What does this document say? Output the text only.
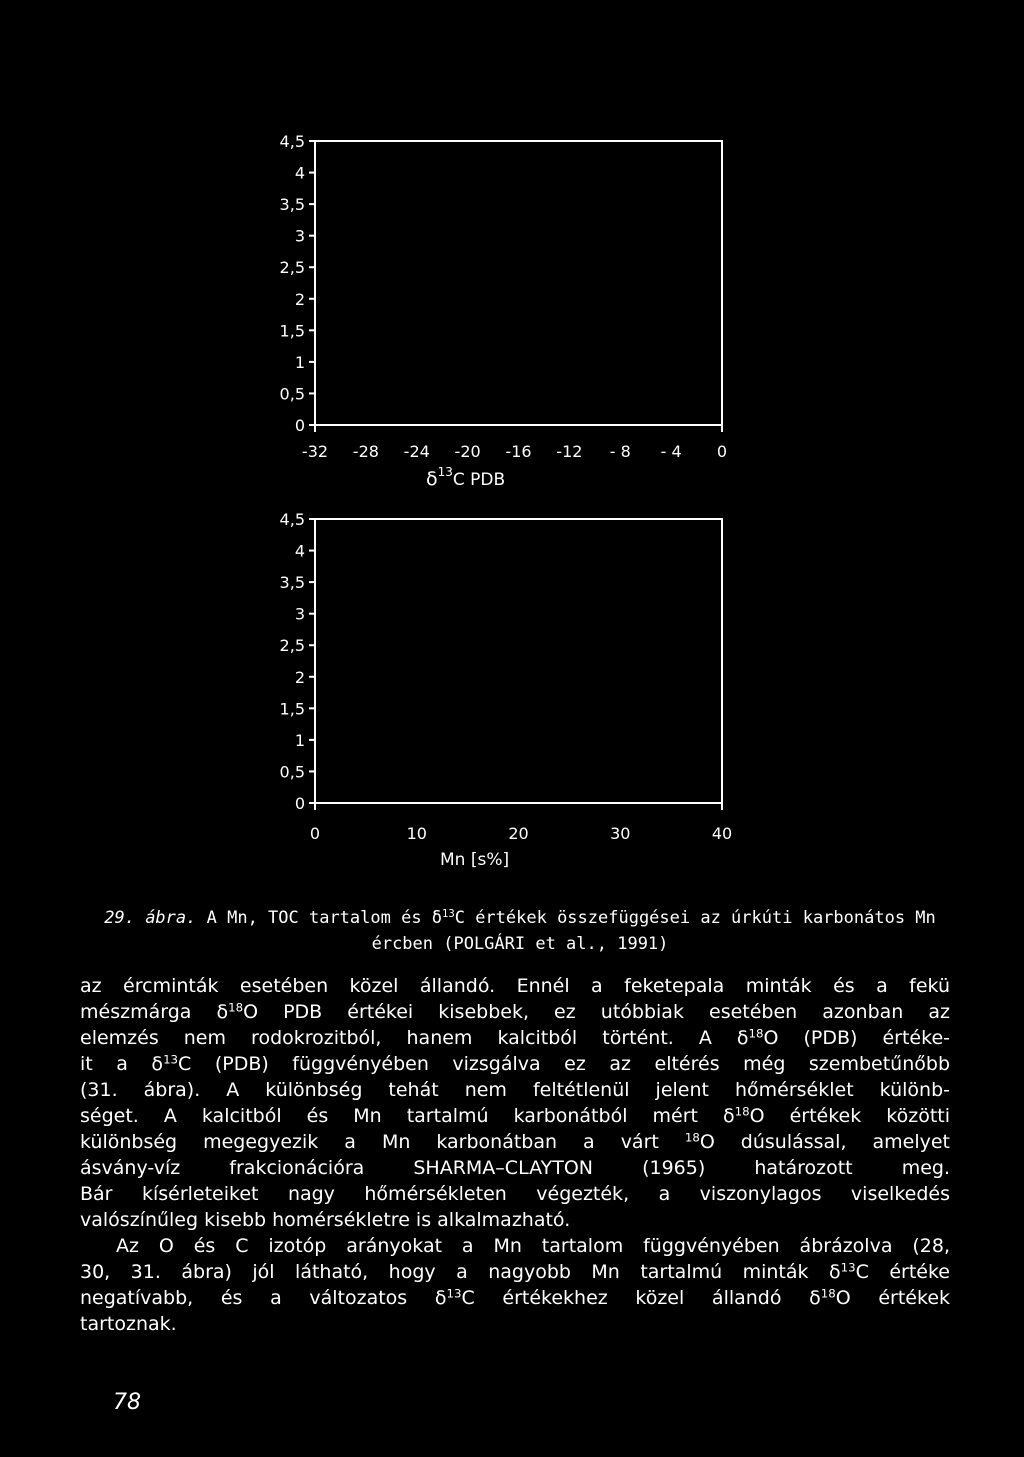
0
0,5
1
1,5
2
2,5
3
3,5
4
4,5
-32 -28 -24 -20 -16 -12 - 8 - 4 0
$\delta^{13}C$ PDB
0
0,5
1
1,5
2
2,5
3
3,5
4
4,5
0	10	20	30	40
Mn [s%]
29. ábra. A Mn, TOC tartalom és $\delta^{13}C$ értékek összefüggései az úrkúti karbonátos Mn
ércben (POLGÁRI et al., 1991)
az ércminták esetében közel állandó. Ennél a feketepala minták és a fekü
mészmárga $\delta^{18}O$ PDB értékei kisebbek, ez utóbbiak esetében azonban az
elemzés nem rodokrozitból, hanem kalcitból történt. A $\delta^{18}O$ (PDB) értéke-
it a $\delta^{13}C$ (PDB) függvényében vizsgálva ez az eltérés még szembetűnőbb
(31. ábra). A különbség tehát nem feltétlenül jelent hőmérséklet különb-
séget. A kalcitból és Mn tartalmú karbonátból mért $\delta^{18}O$ értékek közötti
különbség megegyezik a Mn karbonátban a várt $^{18}$O dúsulással, amelyet
ásvány-víz frakcionációra SHARMA–CLAYTON (1965) határozott meg.
Bár kísérleteiket nagy hőmérsékleten végezték, a viszonylagos viselkedés
valószínűleg kisebb homérsékletre is alkalmazható.
Az O és C izotóp arányokat a Mn tartalom függvényében ábrázolva (28,
30, 31. ábra) jól látható, hogy a nagyobb Mn tartalmú minták $\delta^{13}C$ értéke
negatívabb, és a változatos $\delta^{13}C$ értékekhez közel állandó $\delta^{18}O$ értékek
tartoznak.
78
